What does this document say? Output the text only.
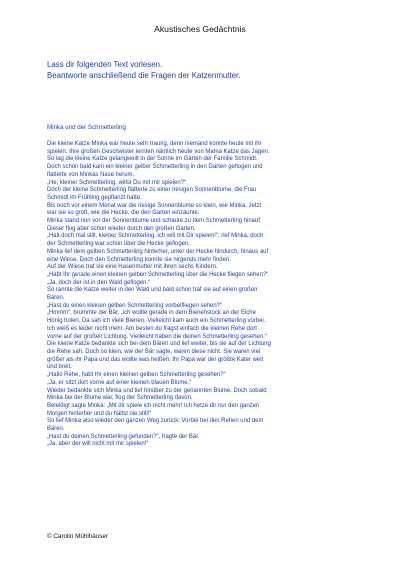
Akustisches Gedächtnis
Lass dir folgenden Text vorlesen.
Beantworte anschließend die Fragen der Katzenmutter.
Minka und der Schmetterling

Die kleine Katze Minka war heute sehr traurig, denn niemand konnte heute mit ihr

spielen. Ihre großen Geschwister lernten nämlich heute von Mama Katze das Jagen.

So lag die kleine Katze gelangweilt in der Sonne im Garten der Familie Schmidt.

Doch schon bald kam ein kleiner gelber Schmetterling in den Garten geflogen und

flatterte von Minkas Nase herum.

„He, kleiner Schmetterling, willst Du mit mir spielen?“

Doch der kleine Schmetterling flatterte zu einer riesigen Sonnenblume, die Frau

Schmidt im Frühling gepflanzt hatte.

Bis noch vor einem Monat war die riesige Sonnenblume so klein, wie Minka. Jetzt

war sie so groß, wie die Hecke, die den Garten einzäunte.

Minka stand nun vor der Sonnenblume und schaute zu dem Schmetterling hinauf.

Dieser flog aber schon wieder durch den großen Garten.

„Halt doch mal still, kleiner Schmetterling, ich will mit Dir spielen!“, rief Minka, doch

der Schmetterling war schon über die Hecke geflogen.

Minka lief dem gelben Schmetterling hinterher, unter der Hecke hindurch, hinaus auf

eine Wiese. Doch den Schmetterling konnte sie nirgends mehr finden.

Auf der Wiese traf sie eine Hasenmutter mit ihren sechs Kindern.

„Habt Ihr gerade einen kleinen gelben Schmetterling über die Hecke fliegen sehen?“

„Ja, doch der ist in den Wald geflogen.“

So rannte die Katze weiter in den Wald und bald schon traf sie auf einen großen

Bären.

„Hast du einen kleinen gelben Schmetterling vorbeifliegen sehen?“

„Hmmm“, brummte der Bär, „ich wollte gerade in dem Bienenstock an der Eiche

Honig holen. Da sah ich viele Bienen. Vielleicht kam auch ein Schmetterling vorbei.

Ich weiß es leider nicht mehr. Am besten du fragst einfach die kleinen Rehe dort

vorne auf der großen Lichtung. Vielleicht haben die deinen Schmetterling gesehen.“

Die kleine Katze bedankte sich bei dem Bären und lief weiter, bis sie auf der Lichtung

die Rehe sah. Doch so klein, wie der Bär sagte, waren diese nicht. Sie waren viel

größer als ihr Papa und das wollte was heißen: Ihr Papa war der größte Kater weit

und breit.

„Hallo Rehe, habt Ihr einen kleinen gelben Schmetterling gesehen?“

„Ja, er sitzt dort vorne auf einer kleinen blauen Blume.“

Wieder bedankte sich Minka und lief hinüber zu der genannten Blume. Doch sobald

Minka bei der Blume war, flog der Schmetterling davon.

Beleidigt sagte Minka: „Mit dir spiele ich nicht mehr! Ich hetze dir nur den ganzen

Morgen hinterher und du hältst nie still!“

So lief Minka also wieder den ganzen Weg zurück: Vorbei bei den Rehen und dem

Bären.

„Hast du deinen Schmetterling gefunden?“, fragte der Bär.

„Ja, aber der will nicht mit mir spielen!“

© Carolin Mühlhäuser
